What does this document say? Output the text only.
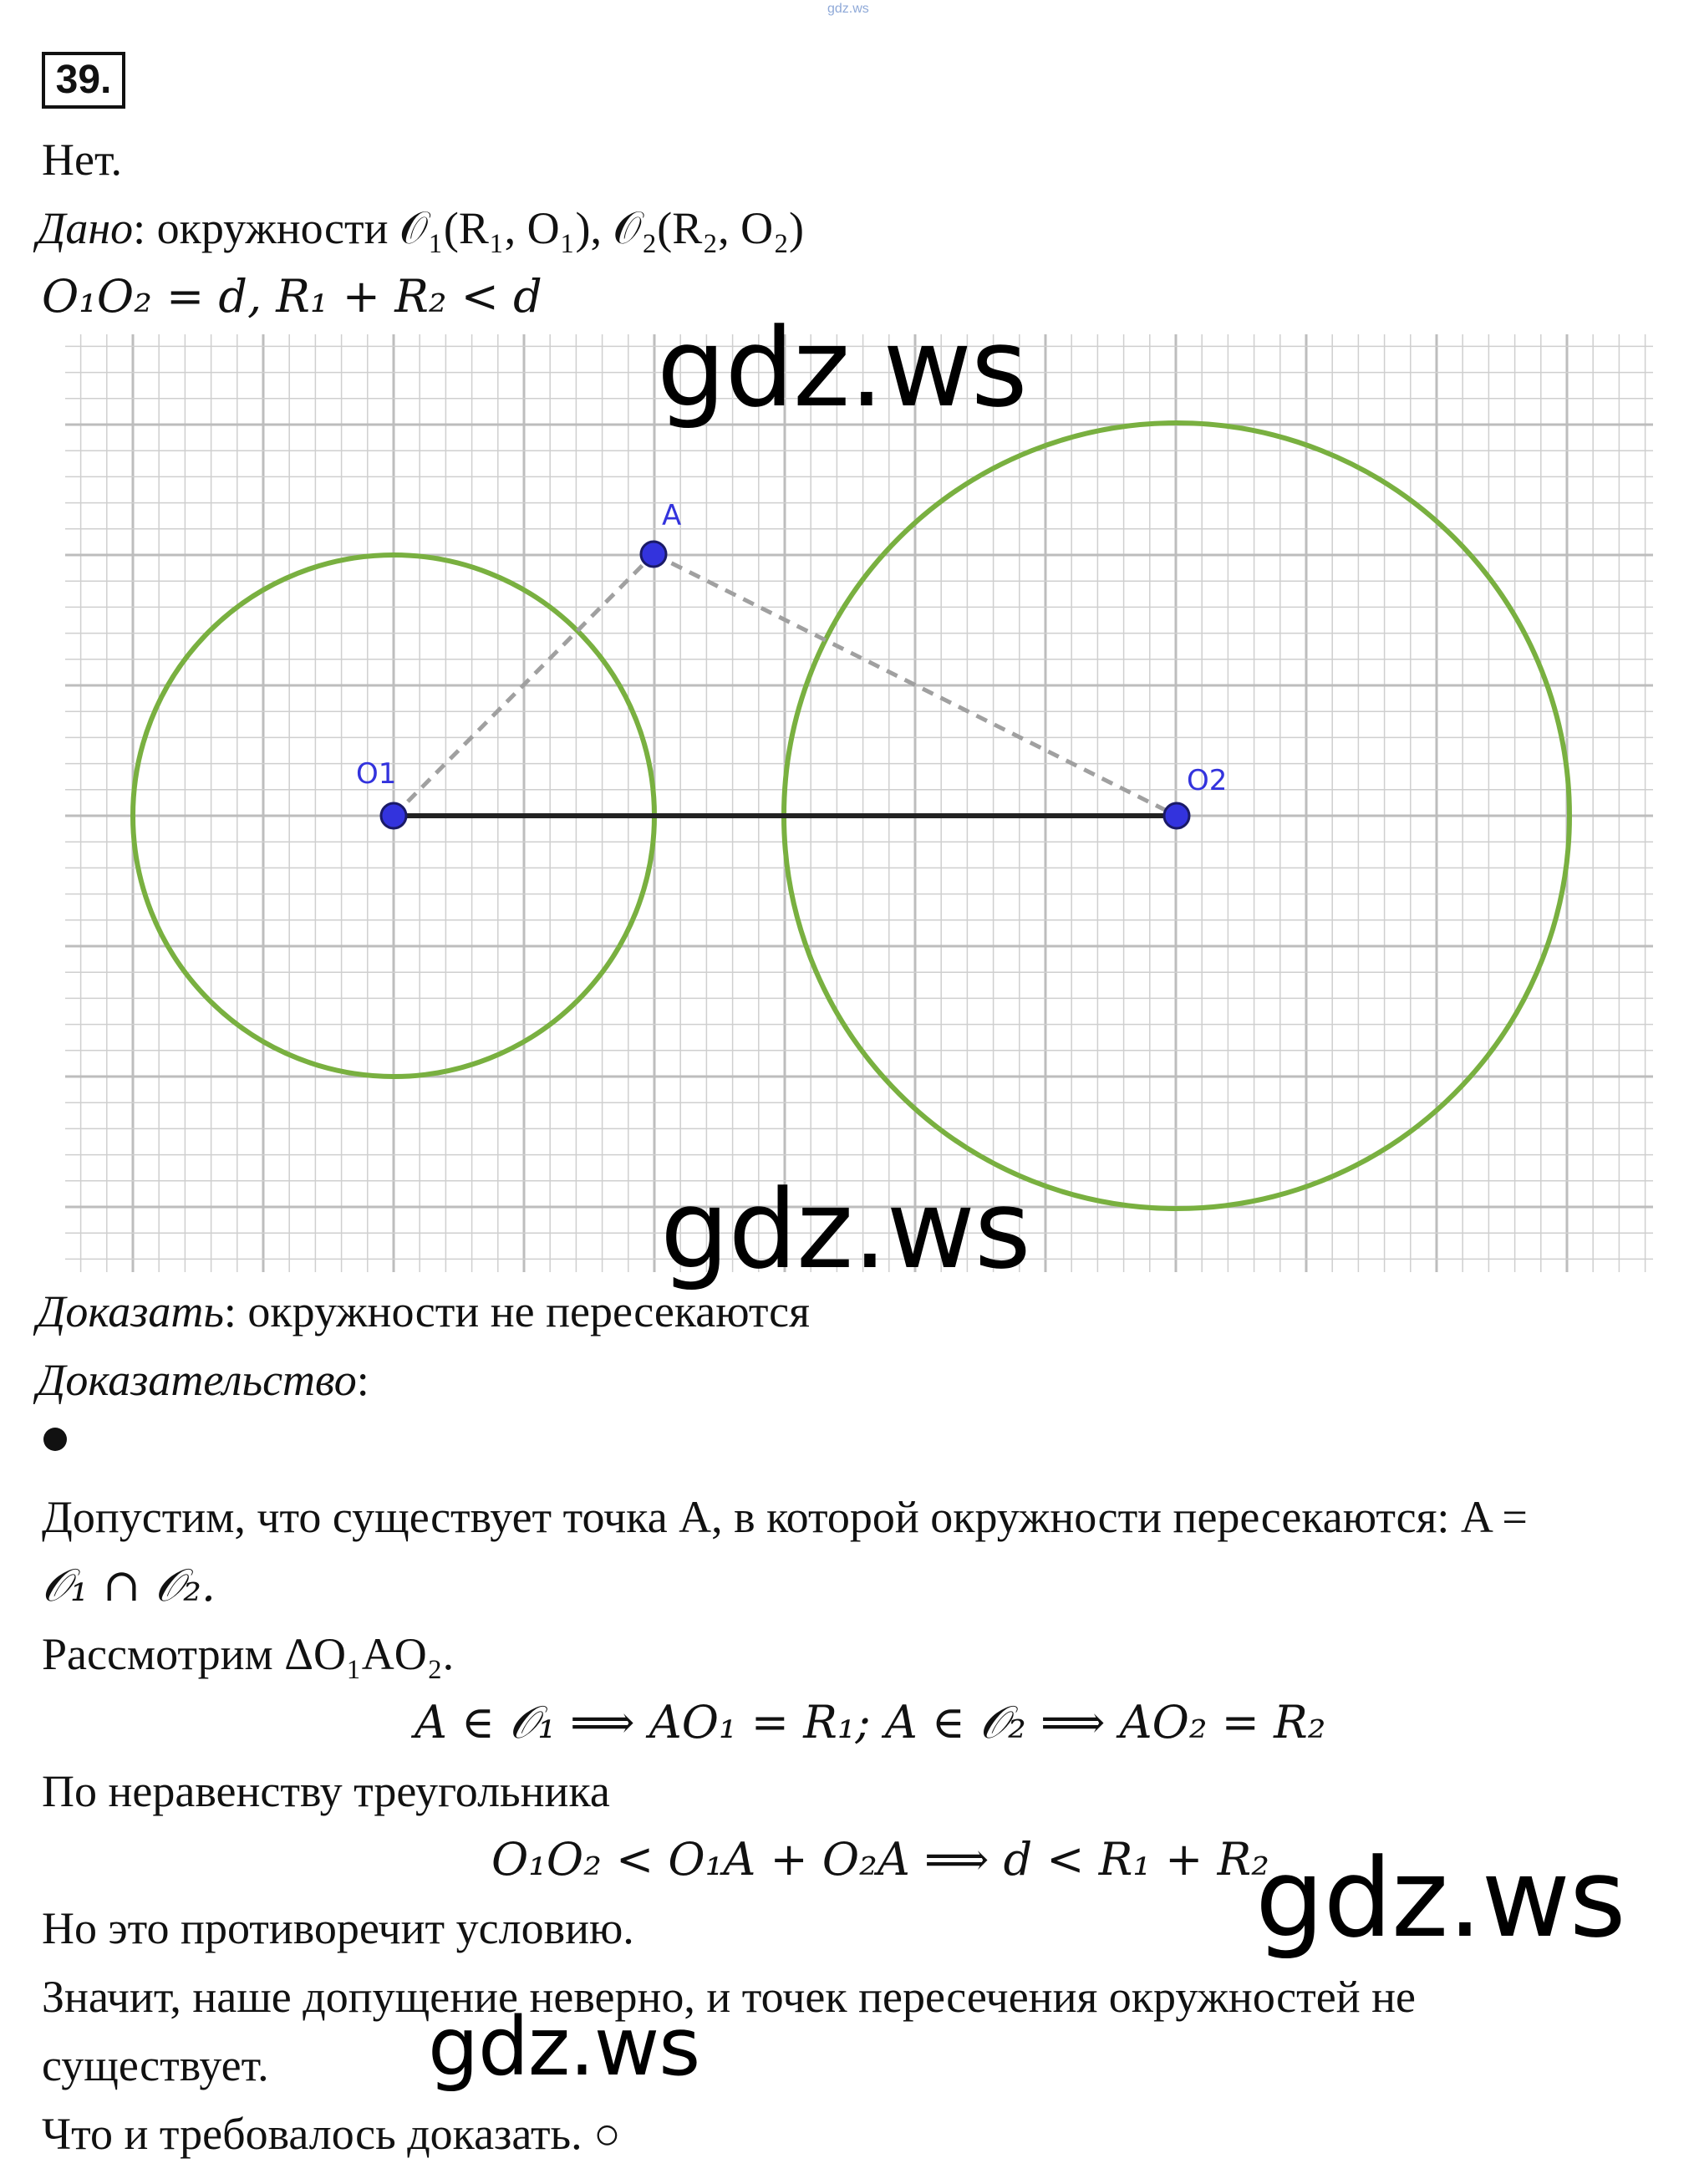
gdz.ws
39.
Нет.
Дано: окружности 𝒪₁(R₁, O₁), 𝒪₂(R₂, O₂)
O₁O₂ = d, R₁ + R₂ < d
A
O1	O2
gdz.ws
gdz.ws
Доказать: окружности не пересекаются
Доказательство:
Допустим, что существует точка A, в которой окружности пересекаются: A =
𝒪₁ ∩ 𝒪₂.
Рассмотрим ΔO₁AO₂.
A ∈ 𝒪₁ ⟹ AO₁ = R₁; A ∈ 𝒪₂ ⟹ AO₂ = R₂
По неравенству треугольника
O₁O₂ < O₁A + O₂A ⟹ d < R₁ + R₂
Но это противоречит условию.
Значит, наше допущение неверно, и точек пересечения окружностей не
существует.
Что и требовалось доказать. ○
gdz.ws
gdz.ws
